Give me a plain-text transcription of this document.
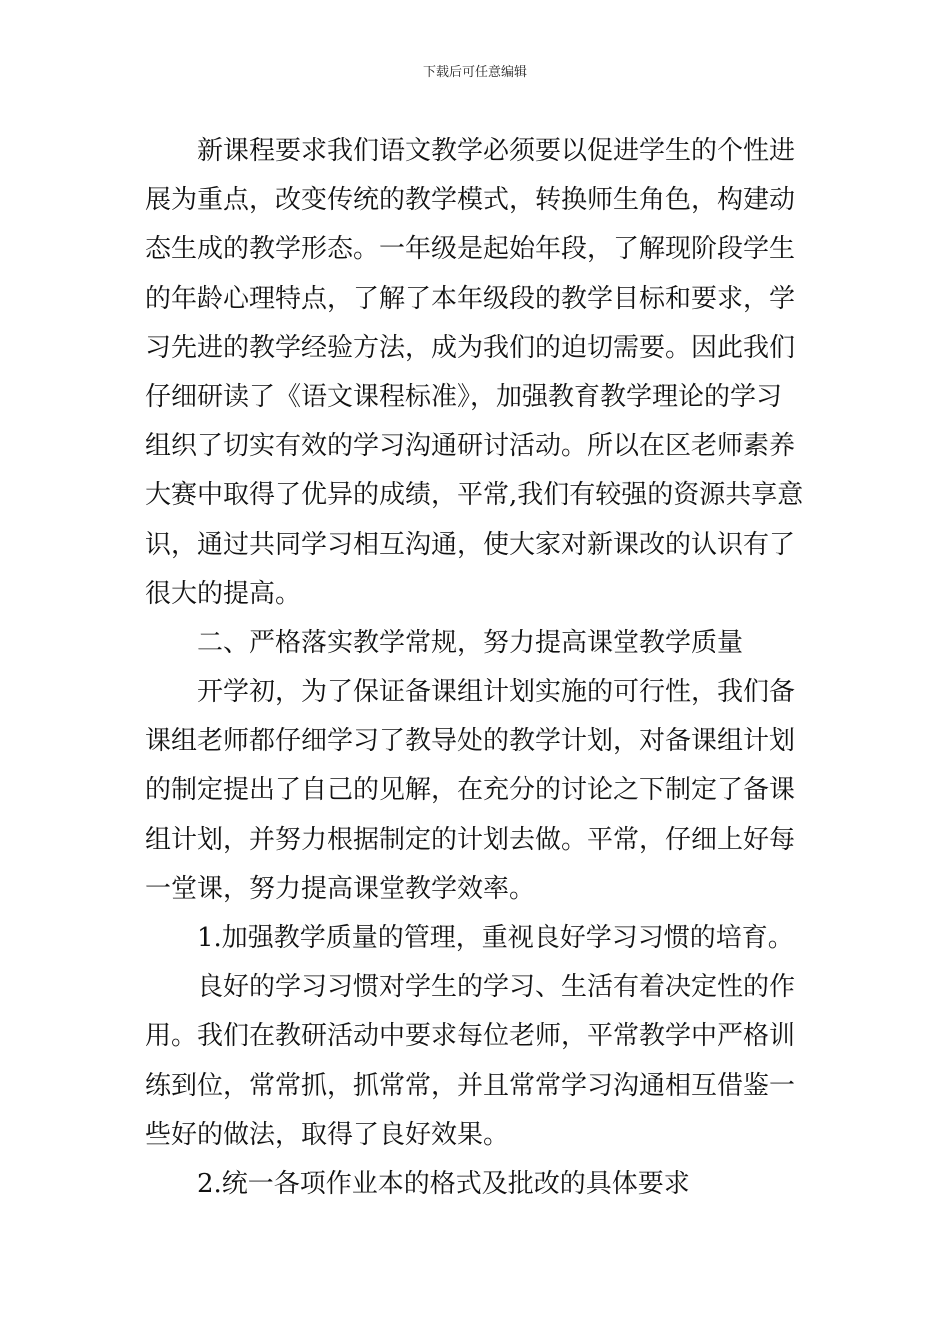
下载后可任意编辑
新课程要求我们语文教学必须要以促进学生的个性进
展为重点，改变传统的教学模式，转换师生角色，构建动
态生成的教学形态。一年级是起始年段，了解现阶段学生
的年龄心理特点，了解了本年级段的教学目标和要求，学
习先进的教学经验方法，成为我们的迫切需要。因此我们
仔细研读了《语文课程标准》，加强教育教学理论的学习
组织了切实有效的学习沟通研讨活动。所以在区老师素养
大赛中取得了优异的成绩，平常,我们有较强的资源共享意
识，通过共同学习相互沟通，使大家对新课改的认识有了
很大的提高。
二、严格落实教学常规，努力提高课堂教学质量
开学初，为了保证备课组计划实施的可行性，我们备
课组老师都仔细学习了教导处的教学计划，对备课组计划
的制定提出了自己的见解，在充分的讨论之下制定了备课
组计划，并努力根据制定的计划去做。平常，仔细上好每
一堂课，努力提高课堂教学效率。
1.加强教学质量的管理，重视良好学习习惯的培育。
良好的学习习惯对学生的学习、生活有着决定性的作
用。我们在教研活动中要求每位老师，平常教学中严格训
练到位，常常抓，抓常常，并且常常学习沟通相互借鉴一
些好的做法，取得了良好效果。
2.统一各项作业本的格式及批改的具体要求
